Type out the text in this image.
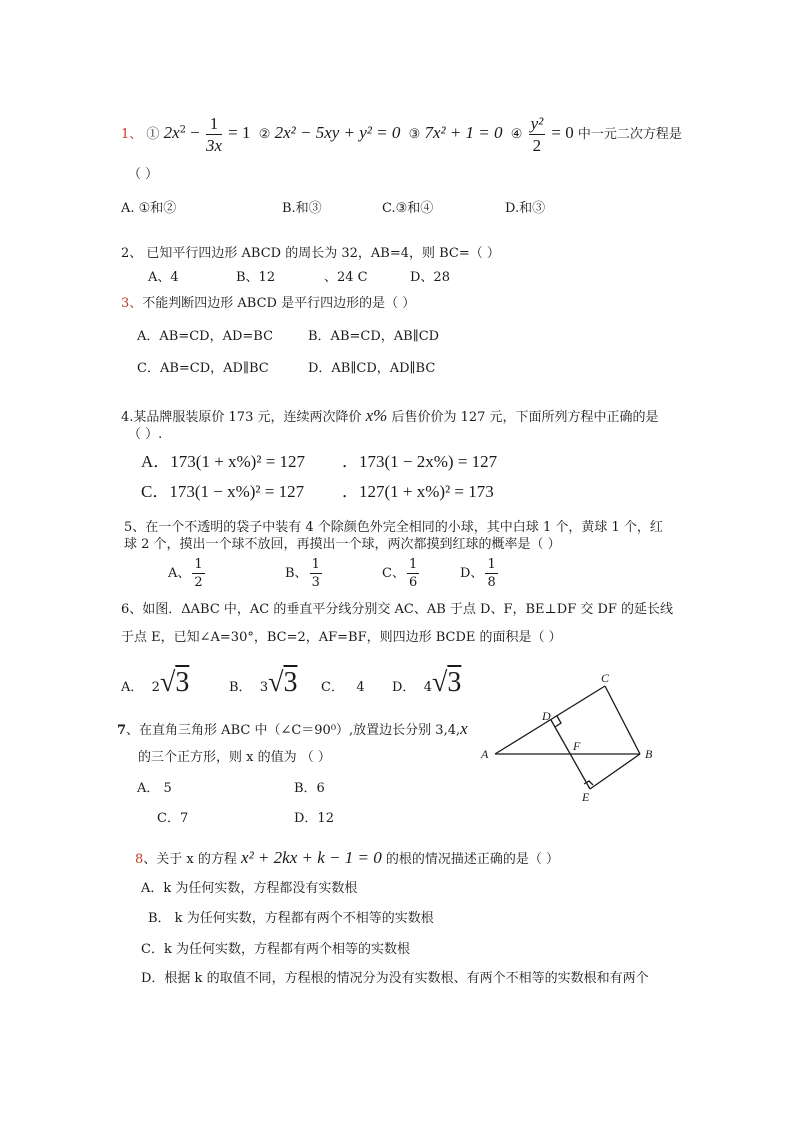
1、 ① $2x^2 - \frac{1}{3x} = 1$ ② 2x² − 5xy + y² = 0 ③ 7x² + 1 = 0 ④ $\frac{\text{y²}}{2} = 0$ 中一元二次方程是
（ ）
A. ①和②	B.和③	C.③和④	D.和③
2、 已知平行四边形 ABCD 的周长为 32，AB=4，则 BC=（ ）
A、4	B、12	、24 C	D、28
3、不能判断四边形 ABCD 是平行四边形的是（ ）
A．AB=CD，AD=BC	B．AB=CD，AB∥CD
C．AB=CD，AD∥BC	D．AB∥CD，AD∥BC
4.某品牌服装原价 173 元，连续两次降价 x% 后售价价为 127 元，下面所列方程中正确的是
（ ）.
A．173(1 + x%)² = 127 ．173(1 − 2x%) = 127
C．173(1 − x%)² = 127 ．127(1 + x%)² = 173
5、在一个不透明的袋子中装有 4 个除颜色外完全相同的小球，其中白球 1 个，黄球 1 个，红
球 2 个，摸出一个球不放回，再摸出一个球，两次都摸到红球的概率是（ ）
A、 $\frac{1}{2}$	B、 $\frac{1}{3}$	C、 $\frac{1}{6}$	D、 $\frac{1}{8}$
6、如图．ΔABC 中，AC 的垂直平分线分别交 AC、AB 于点 D、F，BE⊥DF 交 DF 的延长线
于点 E，已知∠A=30°，BC=2，AF=BF，则四边形 BCDE 的面积是（ ）
A． 2√3	B． 3√3 C． 4 D． 4√3
7、在直角三角形 ABC 中（∠C＝90⁰）,放置边长分别 3,4,x
的三个正方形，则 x 的值为 （ ）
A． 5	B．6
C．7	D．12
C
D
F
A	B
E
8、关于 x 的方程 x² + 2kx + k − 1 = 0 的根的情况描述正确的是（ ）
A．k 为任何实数，方程都没有实数根
B． k 为任何实数，方程都有两个不相等的实数根
C．k 为任何实数，方程都有两个相等的实数根
D．根据 k 的取值不同，方程根的情况分为没有实数根、有两个不相等的实数根和有两个
